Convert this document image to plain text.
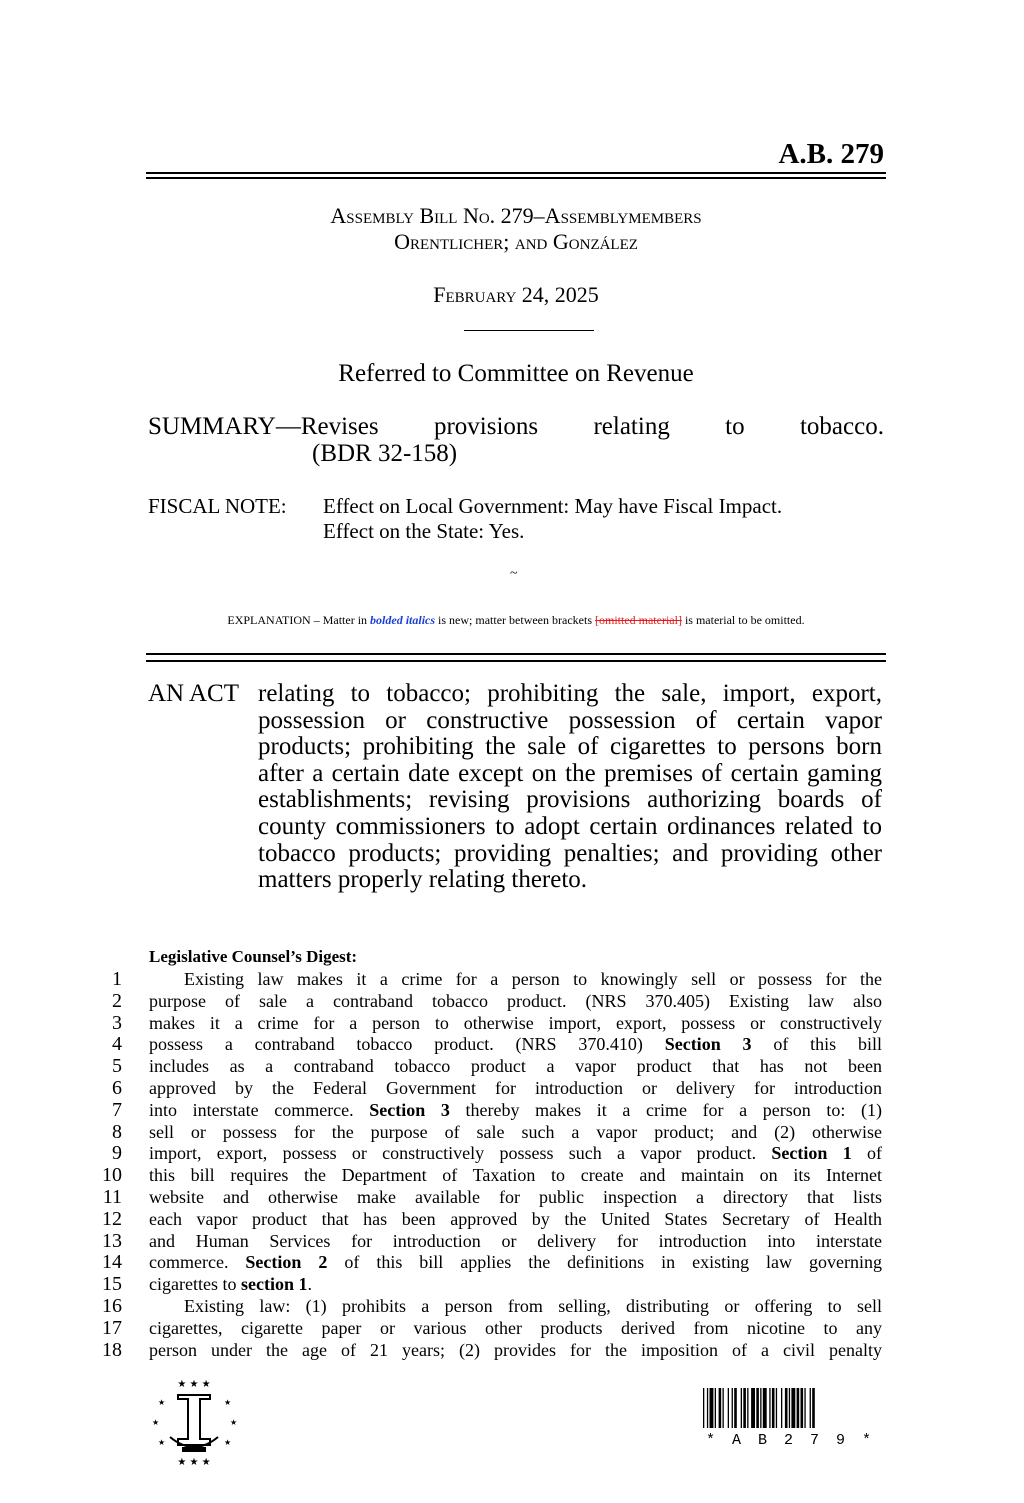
A.B. 279
Assembly Bill No. 279–Assemblymembers
Orentlicher; and González
February 24, 2025
Referred to Committee on Revenue
SUMMARY—Revises provisions relating to tobacco.
(BDR 32-158)
FISCAL NOTE: Effect on Local Government: May have Fiscal Impact.
Effect on the State: Yes.
~
EXPLANATION – Matter in bolded italics is new; matter between brackets [omitted material] is material to be omitted.
AN ACT relating to tobacco; prohibiting the sale, import, export,
possession or constructive possession of certain vapor products; prohibiting the sale of cigarettes to persons born after a certain date except on the premises of certain gaming establishments; revising provisions authorizing boards of county commissioners to adopt certain ordinances related to tobacco products; providing penalties; and providing other matters properly relating thereto.
Legislative Counsel’s Digest:
1	Existing law makes it a crime for a person to knowingly sell or possess for the
2 purpose of sale a contraband tobacco product. (NRS 370.405) Existing law also
3 makes it a crime for a person to otherwise import, export, possess or constructively
4 possess a contraband tobacco product. (NRS 370.410) Section 3 of this bill
5 includes as a contraband tobacco product a vapor product that has not been
6 approved by the Federal Government for introduction or delivery for introduction
7 into interstate commerce. Section 3 thereby makes it a crime for a person to: (1)
8 sell or possess for the purpose of sale such a vapor product; and (2) otherwise
9 import, export, possess or constructively possess such a vapor product. Section 1 of
10 this bill requires the Department of Taxation to create and maintain on its Internet
11 website and otherwise make available for public inspection a directory that lists
12 each vapor product that has been approved by the United States Secretary of Health
13 and Human Services for introduction or delivery for introduction into interstate
14 commerce. Section 2 of this bill applies the definitions in existing law governing
15 cigarettes to section 1.
16	Existing law: (1) prohibits a person from selling, distributing or offering to sell
17 cigarettes, cigarette paper or various other products derived from nicotine to any
18 person under the age of 21 years; (2) provides for the imposition of a civil penalty
★ ★ ★
★	★
★	★
★	★
★ ★ ★
* A B 2 7 9 *
